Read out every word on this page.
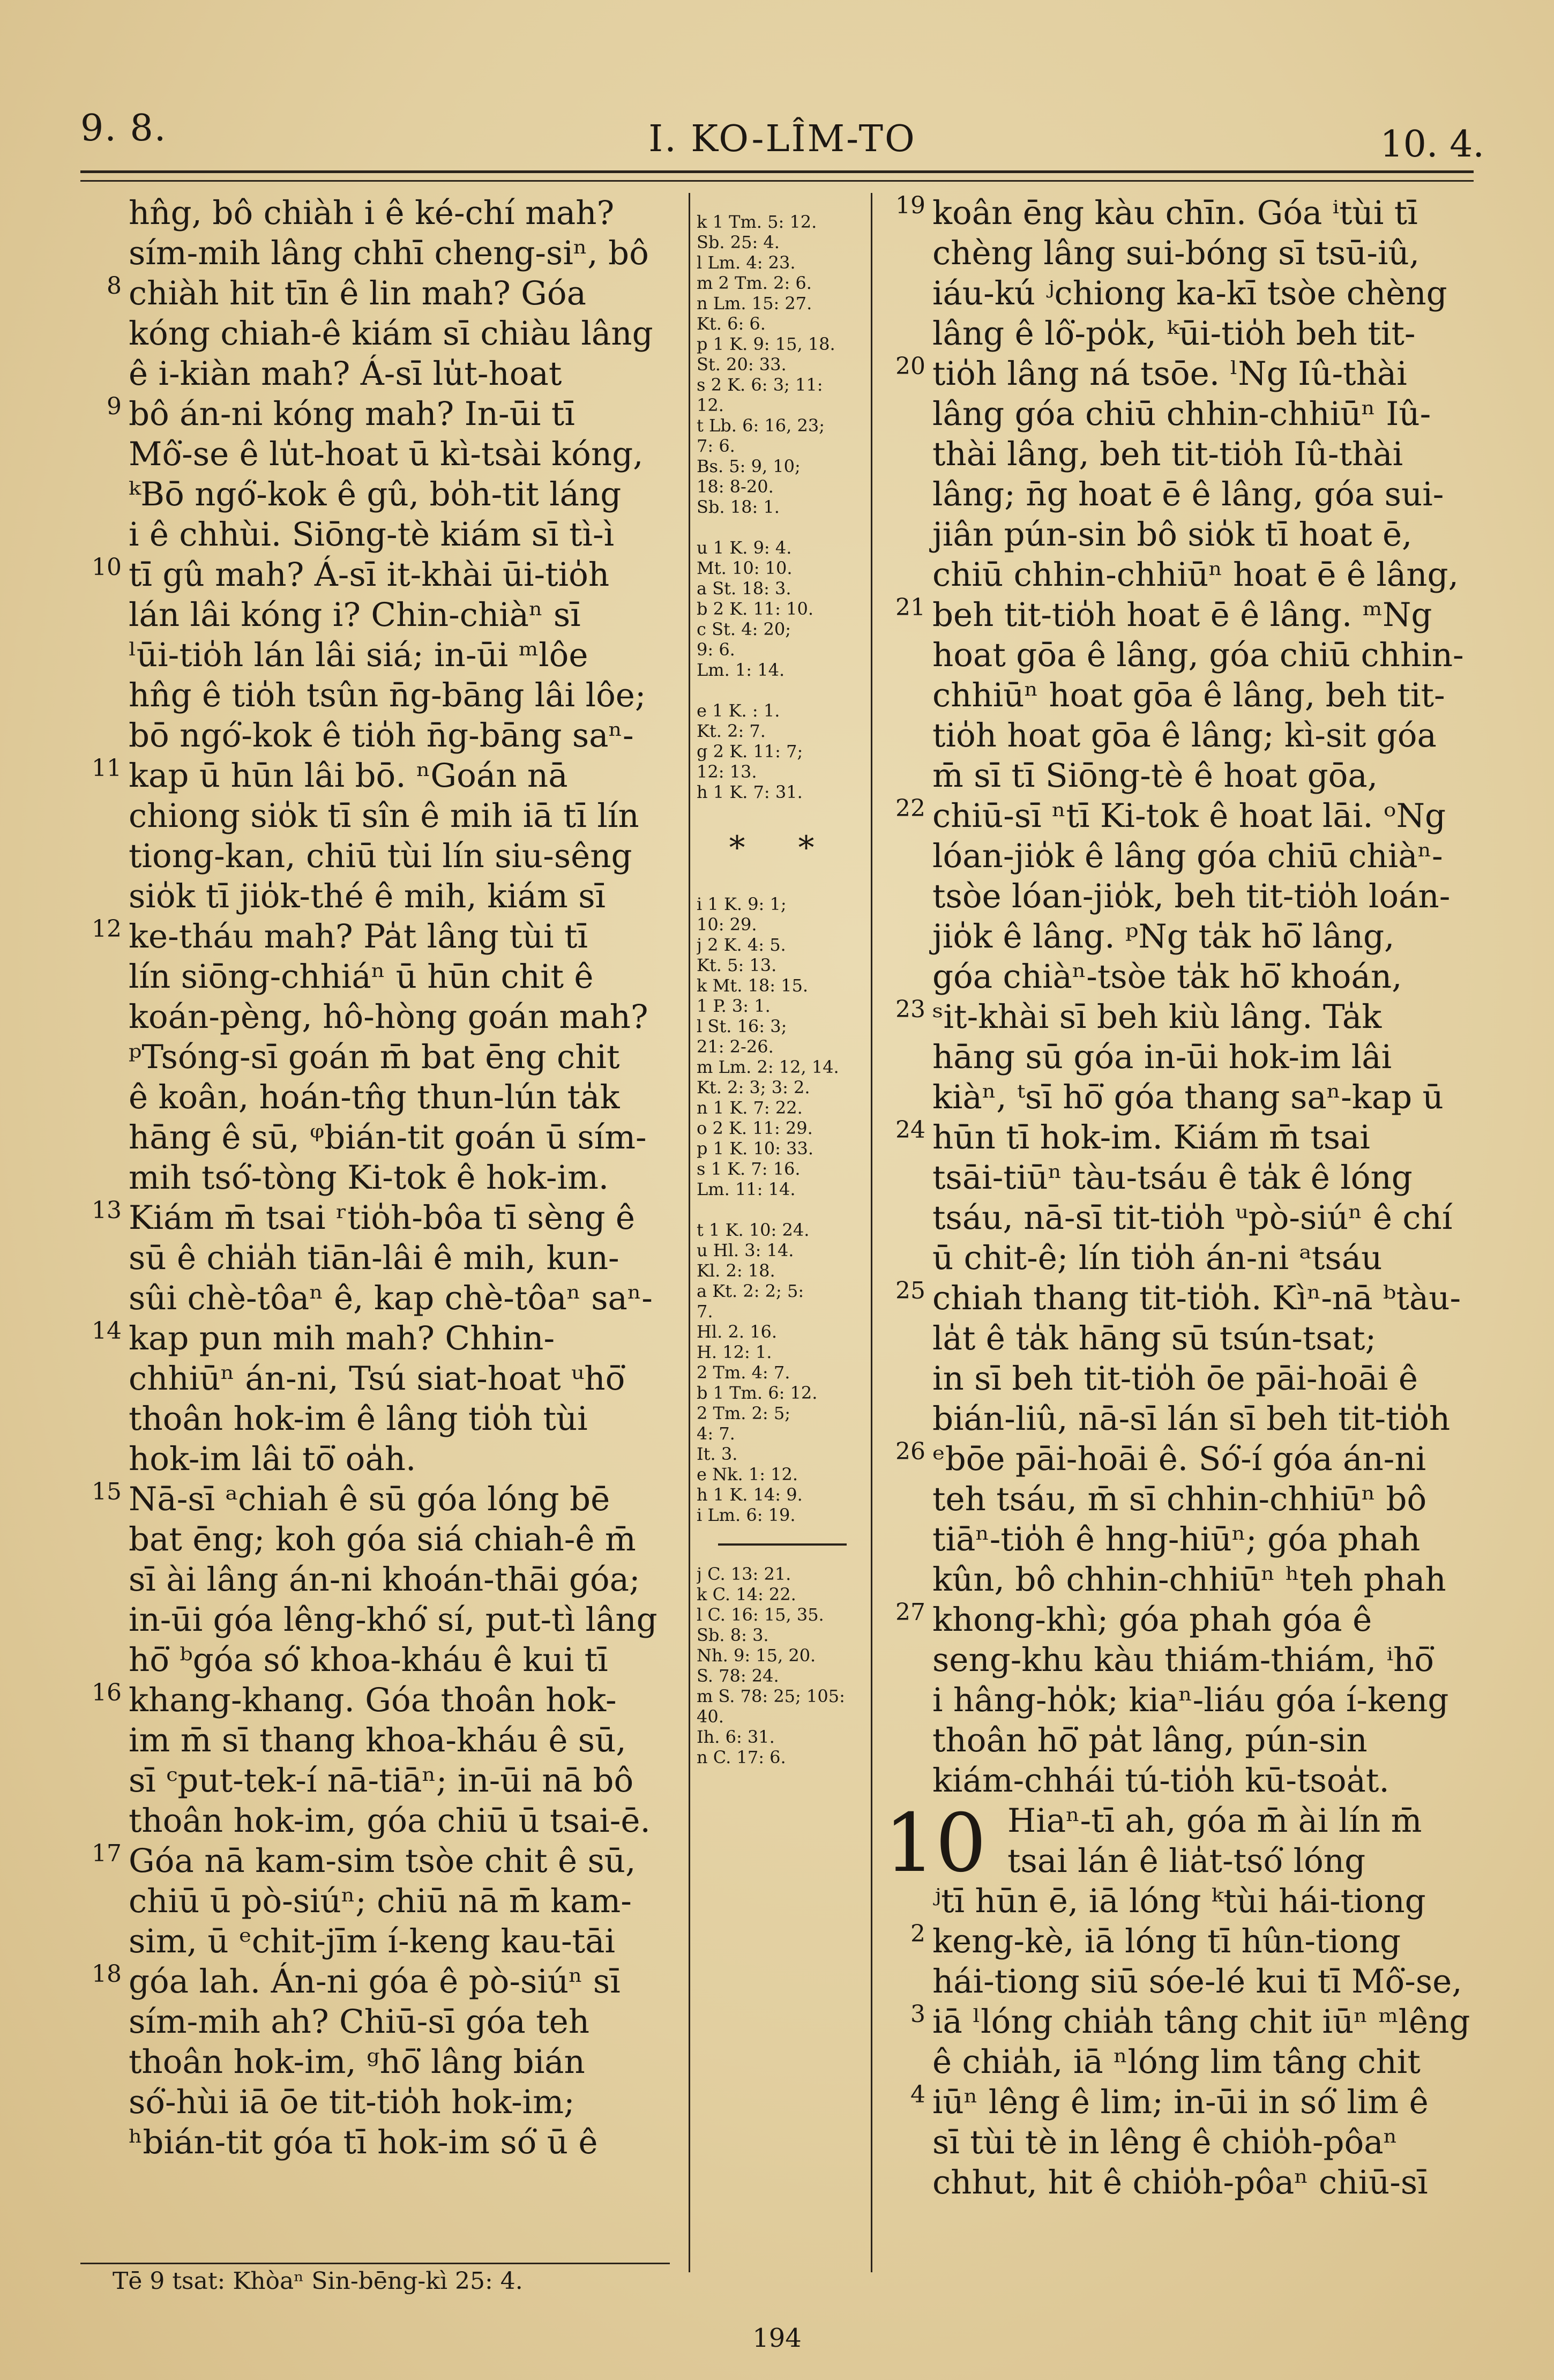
9. 8.	I. KO-LÎM-TO	10. 4.
hn̂g, bô chiàh i ê ké-chí mah?
sím-mih lâng chhī cheng-siⁿ, bô
8 chiàh hit tīn ê lin mah? Góa
kóng chiah-ê kiám sī chiàu lâng
ê i-kiàn mah? Á-sī lu̍t-hoat
9 bô án-ni kóng mah? In-ūi tī
Mô͘-se ê lu̍t-hoat ū kì-tsài kóng,
ᵏBō ngó͘-kok ê gû, bo̍h-tit láng
i ê chhùi. Siōng-tè kiám sī tì-ì
10 tī gû mah? Á-sī it-khài ūi-tio̍h
lán lâi kóng i? Chin-chiàⁿ sī
ˡūi-tio̍h lán lâi siá; in-ūi ᵐlôe
hn̂g ê tio̍h tsûn n̄g-bāng lâi lôe;
bō ngó͘-kok ê tio̍h n̄g-bāng saⁿ-
11 kap ū hūn lâi bō. ⁿGoán nā
chiong sio̍k tī sîn ê mih iā tī lín
tiong-kan, chiū tùi lín siu-sêng
sio̍k tī jio̍k-thé ê mih, kiám sī
12 ke-tháu mah? Pa̍t lâng tùi tī
lín siōng-chhiáⁿ ū hūn chit ê
koán-pèng, hô-hòng goán mah?
ᵖTsóng-sī goán m̄ bat ēng chit
ê koân, hoán-tn̂g thun-lún ta̍k
hāng ê sū, ᵠbián-tit goán ū sím-
mih tsó͘-tòng Ki-tok ê hok-im.
13 Kiám m̄ tsai ʳtio̍h-bôa tī sèng ê
sū ê chia̍h tiān-lâi ê mih, kun-
sûi chè-tôaⁿ ê, kap chè-tôaⁿ saⁿ-
14 kap pun mih mah? Chhin-
chhiūⁿ án-ni, Tsú siat-hoat ᵘhō͘
thoân hok-im ê lâng tio̍h tùi
hok-im lâi tō͘ oa̍h.
15 Nā-sī ᵃchiah ê sū góa lóng bē
bat ēng; koh góa siá chiah-ê m̄
sī ài lâng án-ni khoán-thāi góa;
in-ūi góa lêng-khó͘ sí, put-tì lâng
hō͘ ᵇgóa só͘ khoa-kháu ê kui tī
16 khang-khang. Góa thoân hok-
im m̄ sī thang khoa-kháu ê sū,
sī ᶜput-tek-í nā-tiāⁿ; in-ūi nā bô
thoân hok-im, góa chiū ū tsai-ē.
17 Góa nā kam-sim tsòe chit ê sū,
chiū ū pò-siúⁿ; chiū nā m̄ kam-
sim, ū ᵉchit-jīm í-keng kau-tāi
18 góa lah. Án-ni góa ê pò-siúⁿ sī
sím-mih ah? Chiū-sī góa teh
thoân hok-im, ᵍhō͘ lâng bián
só͘-hùi iā ōe tit-tio̍h hok-im;
ʰbián-tit góa tī hok-im só͘ ū ê
k 1 Tm. 5: 12.
Sb. 25: 4.
l Lm. 4: 23.
m 2 Tm. 2: 6.
n Lm. 15: 27.
Kt. 6: 6.
p 1 K. 9: 15, 18.
St. 20: 33.
s 2 K. 6: 3; 11:
12.
t Lb. 6: 16, 23;
7: 6.
Bs. 5: 9, 10;
18: 8-20.
Sb. 18: 1.
u 1 K. 9: 4.
Mt. 10: 10.
a St. 18: 3.
b 2 K. 11: 10.
c St. 4: 20;
9: 6.
Lm. 1: 14.
e 1 K. : 1.
Kt. 2: 7.
g 2 K. 11: 7;
12: 13.
h 1 K. 7: 31.
* *
i 1 K. 9: 1;
10: 29.
j 2 K. 4: 5.
Kt. 5: 13.
k Mt. 18: 15.
1 P. 3: 1.
l St. 16: 3;
21: 2-26.
m Lm. 2: 12, 14.
Kt. 2: 3; 3: 2.
n 1 K. 7: 22.
o 2 K. 11: 29.
p 1 K. 10: 33.
s 1 K. 7: 16.
Lm. 11: 14.
t 1 K. 10: 24.
u Hl. 3: 14.
Kl. 2: 18.
a Kt. 2: 2; 5:
7.
Hl. 2. 16.
H. 12: 1.
2 Tm. 4: 7.
b 1 Tm. 6: 12.
2 Tm. 2: 5;
4: 7.
It. 3.
e Nk. 1: 12.
h 1 K. 14: 9.
i Lm. 6: 19.
j C. 13: 21.
k C. 14: 22.
l C. 16: 15, 35.
Sb. 8: 3.
Nh. 9: 15, 20.
S. 78: 24.
m S. 78: 25; 105:
40.
Ih. 6: 31.
n C. 17: 6.
19 koân ēng kàu chīn. Góa ⁱtùi tī
chèng lâng sui-bóng sī tsū-iû,
iáu-kú ʲchiong ka-kī tsòe chèng
lâng ê lô͘-po̍k, ᵏūi-tio̍h beh tit-
20 tio̍h lâng ná tsōe. ˡNg Iû-thài
lâng góa chiū chhin-chhiūⁿ Iû-
thài lâng, beh tit-tio̍h Iû-thài
lâng; n̄g hoat ē ê lâng, góa sui-
jiân pún-sin bô sio̍k tī hoat ē,
chiū chhin-chhiūⁿ hoat ē ê lâng,
21 beh tit-tio̍h hoat ē ê lâng. ᵐNg
hoat gōa ê lâng, góa chiū chhin-
chhiūⁿ hoat gōa ê lâng, beh tit-
tio̍h hoat gōa ê lâng; kì-sit góa
m̄ sī tī Siōng-tè ê hoat gōa,
22 chiū-sī ⁿtī Ki-tok ê hoat lāi. ᵒNg
lóan-jio̍k ê lâng góa chiū chiàⁿ-
tsòe lóan-jio̍k, beh tit-tio̍h loán-
jio̍k ê lâng. ᵖNg ta̍k hō͘ lâng,
góa chiàⁿ-tsòe ta̍k hō͘ khoán,
23 ˢit-khài sī beh kiù lâng. Ta̍k
hāng sū góa in-ūi hok-im lâi
kiàⁿ, ᵗsī hō͘ góa thang saⁿ-kap ū
24 hūn tī hok-im. Kiám m̄ tsai
tsāi-tiūⁿ tàu-tsáu ê ta̍k ê lóng
tsáu, nā-sī tit-tio̍h ᵘpò-siúⁿ ê chí
ū chit-ê; lín tio̍h án-ni ᵃtsáu
25 chiah thang tit-tio̍h. Kìⁿ-nā ᵇtàu-
la̍t ê ta̍k hāng sū tsún-tsat;
in sī beh tit-tio̍h ōe pāi-hoāi ê
bián-liû, nā-sī lán sī beh tit-tio̍h
26 ᵉbōe pāi-hoāi ê. Só͘-í góa án-ni
teh tsáu, m̄ sī chhin-chhiūⁿ bô
tiāⁿ-tio̍h ê hng-hiūⁿ; góa phah
kûn, bô chhin-chhiūⁿ ʰteh phah
27 khong-khì; góa phah góa ê
seng-khu kàu thiám-thiám, ⁱhō͘
i hâng-ho̍k; kiaⁿ-liáu góa í-keng
thoân hō͘ pa̍t lâng, pún-sin
kiám-chhái tú-tio̍h kū-tsoa̍t.
10 Hiaⁿ-tī ah, góa m̄ ài lín m̄
tsai lán ê lia̍t-tsó͘ lóng
ʲtī hūn ē, iā lóng ᵏtùi hái-tiong
2 keng-kè, iā lóng tī hûn-tiong
hái-tiong siū sóe-lé kui tī Mô͘-se,
3 iā ˡlóng chia̍h tâng chit iūⁿ ᵐlêng
ê chia̍h, iā ⁿlóng lim tâng chit
4 iūⁿ lêng ê lim; in-ūi in só͘ lim ê
sī tùi tè in lêng ê chio̍h-pôaⁿ
chhut, hit ê chio̍h-pôaⁿ chiū-sī
Tē 9 tsat: Khòaⁿ Sin-bēng-kì 25: 4.
194
